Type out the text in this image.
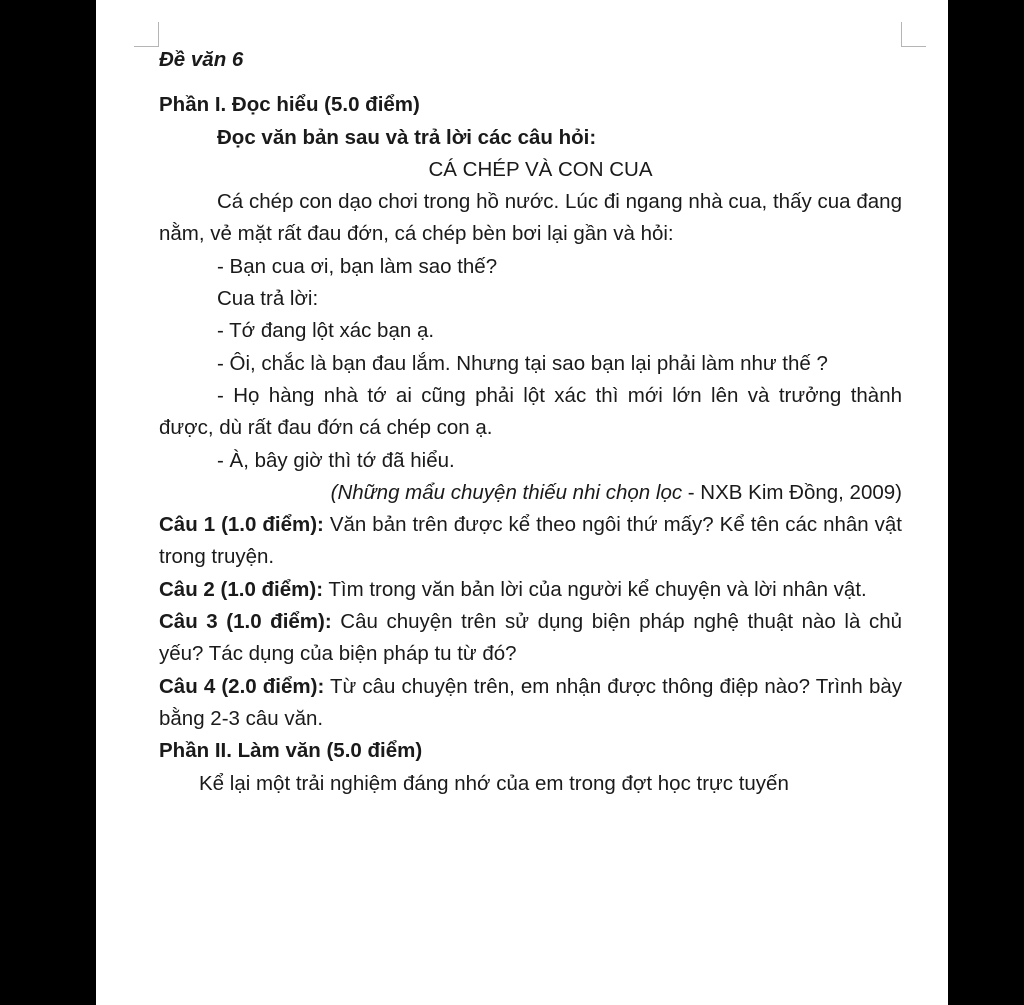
Đề văn 6

Phần I. Đọc hiểu (5.0 điểm)

Đọc văn bản sau và trả lời các câu hỏi:

CÁ CHÉP VÀ CON CUA

Cá chép con dạo chơi trong hồ nước. Lúc đi ngang nhà cua, thấy cua đang nằm, vẻ mặt rất đau đớn, cá chép bèn bơi lại gần và hỏi:

- Bạn cua ơi, bạn làm sao thế?

Cua trả lời:

- Tớ đang lột xác bạn ạ.

- Ôi, chắc là bạn đau lắm. Nhưng tại sao bạn lại phải làm như thế ?

- Họ hàng nhà tớ ai cũng phải lột xác thì mới lớn lên và trưởng thành được, dù rất đau đớn cá chép con ạ.

- À, bây giờ thì tớ đã hiểu.

(Những mẩu chuyện thiếu nhi chọn lọc - NXB Kim Đồng, 2009)

Câu 1 (1.0 điểm): Văn bản trên được kể theo ngôi thứ mấy? Kể tên các nhân vật trong truyện.

Câu 2 (1.0 điểm): Tìm trong văn bản lời của người kể chuyện và lời nhân vật.

Câu 3 (1.0 điểm): Câu chuyện trên sử dụng biện pháp nghệ thuật nào là chủ yếu? Tác dụng của biện pháp tu từ đó?

Câu 4 (2.0 điểm): Từ câu chuyện trên, em nhận được thông điệp nào? Trình bày bằng 2-3 câu văn.

Phần II. Làm văn (5.0 điểm)

Kể lại một trải nghiệm đáng nhớ của em trong đợt học trực tuyến
